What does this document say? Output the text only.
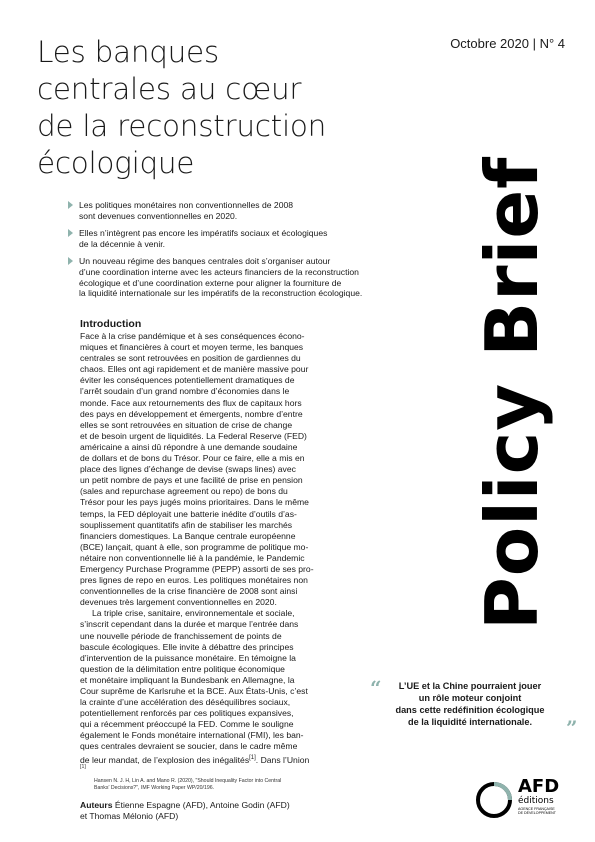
Les banques
centrales au cœur
de la reconstruction
écologique
Octobre 2020 | N° 4
Policy Brief
Les politiques monétaires non conventionnelles de 2008
sont devenues conventionnelles en 2020.
Elles n’intègrent pas encore les impératifs sociaux et écologiques
de la décennie à venir.
Un nouveau régime des banques centrales doit s’organiser autour
d’une coordination interne avec les acteurs financiers de la reconstruction
écologique et d’une coordination externe pour aligner la fourniture de
la liquidité internationale sur les impératifs de la reconstruction écologique.
Introduction

Face à la crise pandémique et à ses conséquences écono-
miques et financières à court et moyen terme, les banques
centrales se sont retrouvées en position de gardiennes du
chaos. Elles ont agi rapidement et de manière massive pour
éviter les conséquences potentiellement dramatiques de
l’arrêt soudain d’un grand nombre d’économies dans le
monde. Face aux retournements des flux de capitaux hors
des pays en développement et émergents, nombre d’entre
elles se sont retrouvées en situation de crise de change
et de besoin urgent de liquidités. La Federal Reserve (FED)
américaine a ainsi dû répondre à une demande soudaine
de dollars et de bons du Trésor. Pour ce faire, elle a mis en
place des lignes d’échange de devise (swaps lines) avec
un petit nombre de pays et une facilité de prise en pension
(sales and repurchase agreement ou repo) de bons du
Trésor pour les pays jugés moins prioritaires. Dans le même
temps, la FED déployait une batterie inédite d’outils d’as-
souplissement quantitatifs afin de stabiliser les marchés
financiers domestiques. La Banque centrale européenne
(BCE) lançait, quant à elle, son programme de politique mo-
nétaire non conventionnelle lié à la pandémie, le Pandemic
Emergency Purchase Programme (PEPP) assorti de ses pro-
pres lignes de repo en euros. Les politiques monétaires non
conventionnelles de la crise financière de 2008 sont ainsi
devenues très largement conventionnelles en 2020.

La triple crise, sanitaire, environnementale et sociale,
s’inscrit cependant dans la durée et marque l’entrée dans
une nouvelle période de franchissement de points de
bascule écologiques. Elle invite à débattre des principes
d’intervention de la puissance monétaire. En témoigne la
question de la délimitation entre politique économique
et monétaire impliquant la Bundesbank en Allemagne, la
Cour suprême de Karlsruhe et la BCE. Aux États-Unis, c’est
la crainte d’une accélération des déséquilibres sociaux,
potentiellement renforcés par ces politiques expansives,
qui a récemment préoccupé la FED. Comme le souligne
également le Fonds monétaire international (FMI), les ban-
ques centrales devraient se soucier, dans le cadre même
de leur mandat, de l’explosion des inégalités[1]. Dans l’Union

[1]

Hansen N. J. H, Lin A. and Mano R. (2020), "Should Inequality Factor into Central
Banks’ Decisions?", IMF Working Paper WP/20/196.

Auteurs Étienne Espagne (AFD), Antoine Godin (AFD)
et Thomas Mélonio (AFD)
“	L’UE et la Chine pourraient jouer
un rôle moteur conjoint
dans cette redéfinition écologique
de la liquidité internationale.	”
AFD
éditions
AGENCE FRANÇAISE
DE DÉVELOPPEMENT
